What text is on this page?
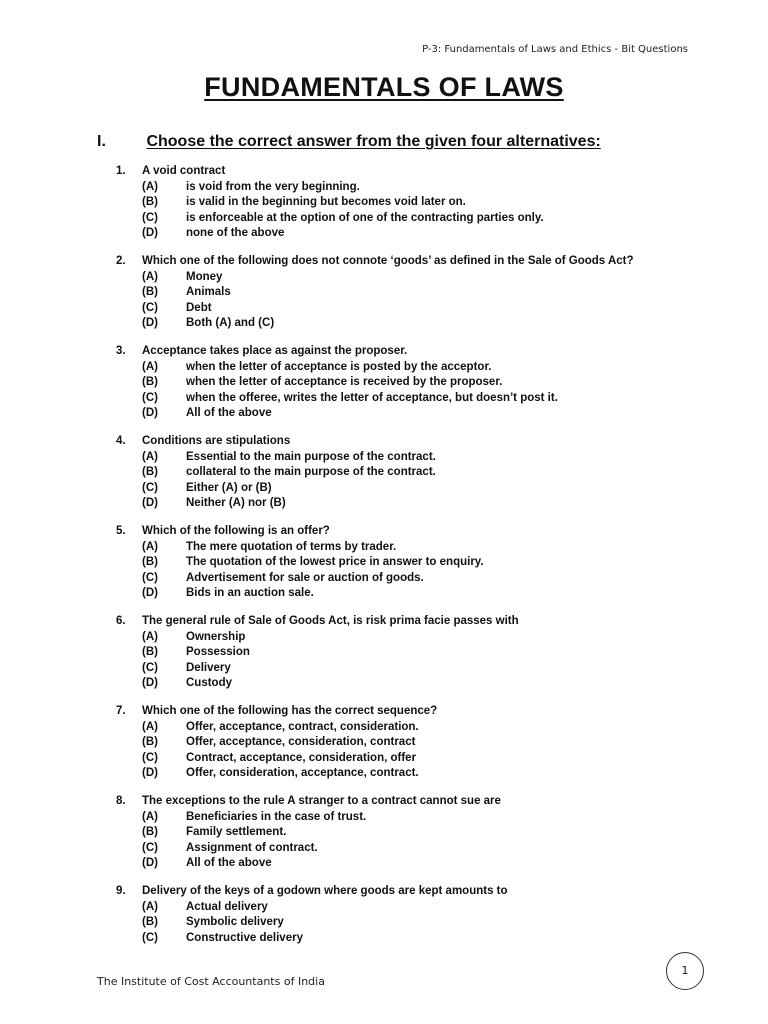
P-3: Fundamentals of Laws and Ethics - Bit Questions
FUNDAMENTALS OF LAWS
I.	Choose the correct answer from the given four alternatives:
1.	A void contract
(A)	is void from the very beginning.
(B)	is valid in the beginning but becomes void later on.
(C)	is enforceable at the option of one of the contracting parties only.
(D)	none of the above
2.	Which one of the following does not connote ‘goods’ as defined in the Sale of Goods Act?
(A)	Money
(B)	Animals
(C)	Debt
(D)	Both (A) and (C)
3.	Acceptance takes place as against the proposer.
(A)	when the letter of acceptance is posted by the acceptor.
(B)	when the letter of acceptance is received by the proposer.
(C)	when the offeree, writes the letter of acceptance, but doesn’t post it.
(D)	All of the above
4.	Conditions are stipulations
(A)	Essential to the main purpose of the contract.
(B)	collateral to the main purpose of the contract.
(C)	Either (A) or (B)
(D)	Neither (A) nor (B)
5.	Which of the following is an offer?
(A)	The mere quotation of terms by trader.
(B)	The quotation of the lowest price in answer to enquiry.
(C)	Advertisement for sale or auction of goods.
(D)	Bids in an auction sale.
6.	The general rule of Sale of Goods Act, is risk prima facie passes with
(A)	Ownership
(B)	Possession
(C)	Delivery
(D)	Custody
7.	Which one of the following has the correct sequence?
(A)	Offer, acceptance, contract, consideration.
(B)	Offer, acceptance, consideration, contract
(C)	Contract, acceptance, consideration, offer
(D)	Offer, consideration, acceptance, contract.
8.	The exceptions to the rule A stranger to a contract cannot sue are
(A)	Beneficiaries in the case of trust.
(B)	Family settlement.
(C)	Assignment of contract.
(D)	All of the above
9.	Delivery of the keys of a godown where goods are kept amounts to
(A)	Actual delivery
(B)	Symbolic delivery
(C)	Constructive delivery
The Institute of Cost Accountants of India
1
